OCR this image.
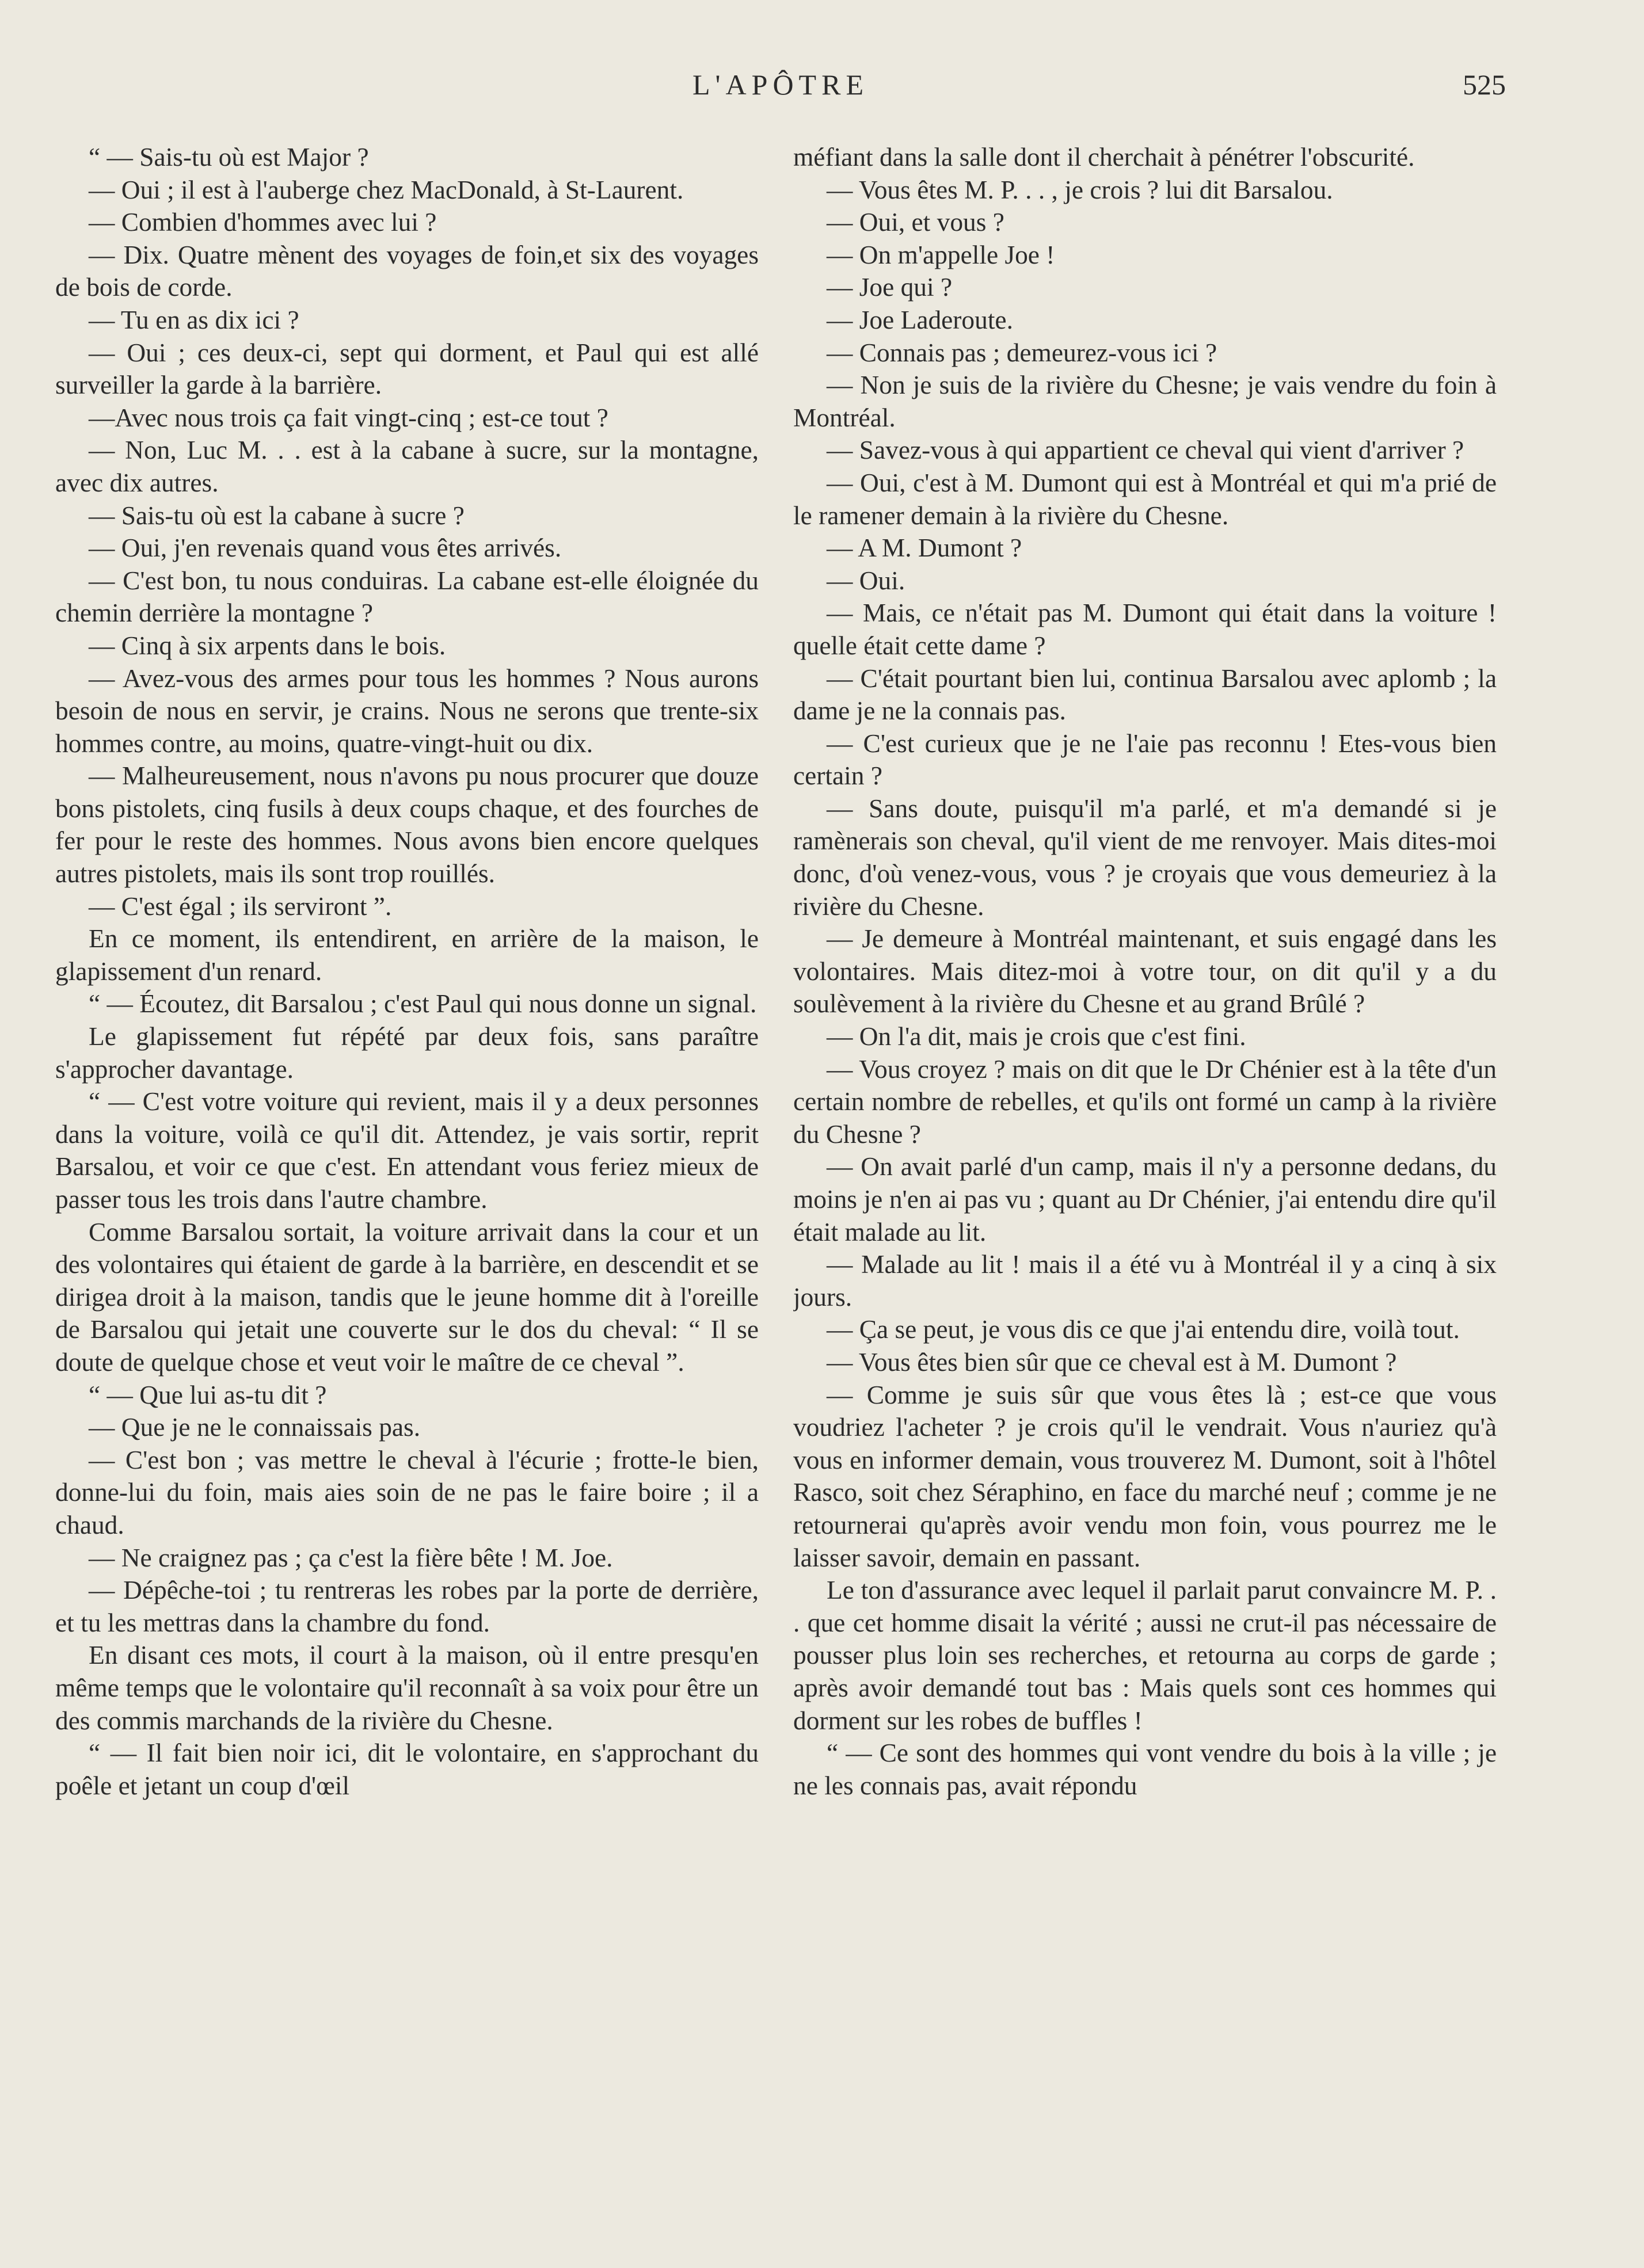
L'APÔTRE	525

“ — Sais-tu où est Major ?

— Oui ; il est à l'auberge chez MacDonald, à St-Laurent.

— Combien d'hommes avec lui ?

— Dix. Quatre mènent des voyages de foin,et six des voyages de bois de corde.

— Tu en as dix ici ?

— Oui ; ces deux-ci, sept qui dorment, et Paul qui est allé surveiller la garde à la barrière.

—Avec nous trois ça fait vingt-cinq ; est-ce tout ?

— Non, Luc M. . . est à la cabane à sucre, sur la montagne, avec dix autres.

— Sais-tu où est la cabane à sucre ?

— Oui, j'en revenais quand vous êtes arrivés.

— C'est bon, tu nous conduiras. La cabane est-elle éloignée du chemin derrière la montagne ?

— Cinq à six arpents dans le bois.

— Avez-vous des armes pour tous les hommes ? Nous aurons besoin de nous en servir, je crains. Nous ne serons que trente-six hommes contre, au moins, quatre-vingt-huit ou dix.

— Malheureusement, nous n'avons pu nous procurer que douze bons pistolets, cinq fusils à deux coups chaque, et des fourches de fer pour le reste des hommes. Nous avons bien encore quelques autres pistolets, mais ils sont trop rouillés.

— C'est égal ; ils serviront ”.

En ce moment, ils entendirent, en arrière de la maison, le glapissement d'un renard.

“ — Écoutez, dit Barsalou ; c'est Paul qui nous donne un signal.

Le glapissement fut répété par deux fois, sans paraître s'approcher davantage.

“ — C'est votre voiture qui revient, mais il y a deux personnes dans la voiture, voilà ce qu'il dit. Attendez, je vais sortir, reprit Barsalou, et voir ce que c'est. En attendant vous feriez mieux de passer tous les trois dans l'autre chambre.

Comme Barsalou sortait, la voiture arrivait dans la cour et un des volontaires qui étaient de garde à la barrière, en descendit et se dirigea droit à la maison, tandis que le jeune homme dit à l'oreille de Barsalou qui jetait une couverte sur le dos du cheval: “ Il se doute de quelque chose et veut voir le maître de ce cheval ”.

“ — Que lui as-tu dit ?

— Que je ne le connaissais pas.

— C'est bon ; vas mettre le cheval à l'écurie ; frotte-le bien, donne-lui du foin, mais aies soin de ne pas le faire boire ; il a chaud.

— Ne craignez pas ; ça c'est la fière bête ! M. Joe.

— Dépêche-toi ; tu rentreras les robes par la porte de derrière, et tu les mettras dans la chambre du fond.

En disant ces mots, il court à la maison, où il entre presqu'en même temps que le volontaire qu'il reconnaît à sa voix pour être un des commis marchands de la rivière du Chesne.

“ — Il fait bien noir ici, dit le volontaire, en s'approchant du poêle et jetant un coup d'œil

méfiant dans la salle dont il cherchait à pénétrer l'obscurité.

— Vous êtes M. P. . . , je crois ? lui dit Barsalou.

— Oui, et vous ?

— On m'appelle Joe !

— Joe qui ?

— Joe Laderoute.

— Connais pas ; demeurez-vous ici ?

— Non je suis de la rivière du Chesne; je vais vendre du foin à Montréal.

— Savez-vous à qui appartient ce cheval qui vient d'arriver ?

— Oui, c'est à M. Dumont qui est à Montréal et qui m'a prié de le ramener demain à la rivière du Chesne.

— A M. Dumont ?

— Oui.

— Mais, ce n'était pas M. Dumont qui était dans la voiture ! quelle était cette dame ?

— C'était pourtant bien lui, continua Barsalou avec aplomb ; la dame je ne la connais pas.

— C'est curieux que je ne l'aie pas reconnu ! Etes-vous bien certain ?

— Sans doute, puisqu'il m'a parlé, et m'a demandé si je ramènerais son cheval, qu'il vient de me renvoyer. Mais dites-moi donc, d'où venez-vous, vous ? je croyais que vous demeuriez à la rivière du Chesne.

— Je demeure à Montréal maintenant, et suis engagé dans les volontaires. Mais ditez-moi à votre tour, on dit qu'il y a du soulèvement à la rivière du Chesne et au grand Brûlé ?

— On l'a dit, mais je crois que c'est fini.

— Vous croyez ? mais on dit que le Dr Chénier est à la tête d'un certain nombre de rebelles, et qu'ils ont formé un camp à la rivière du Chesne ?

— On avait parlé d'un camp, mais il n'y a personne dedans, du moins je n'en ai pas vu ; quant au Dr Chénier, j'ai entendu dire qu'il était malade au lit.

— Malade au lit ! mais il a été vu à Montréal il y a cinq à six jours.

— Ça se peut, je vous dis ce que j'ai entendu dire, voilà tout.

— Vous êtes bien sûr que ce cheval est à M. Dumont ?

— Comme je suis sûr que vous êtes là ; est-ce que vous voudriez l'acheter ? je crois qu'il le vendrait. Vous n'auriez qu'à vous en informer demain, vous trouverez M. Dumont, soit à l'hôtel Rasco, soit chez Séraphino, en face du marché neuf ; comme je ne retournerai qu'après avoir vendu mon foin, vous pourrez me le laisser savoir, demain en passant.

Le ton d'assurance avec lequel il parlait parut convaincre M. P. . . que cet homme disait la vérité ; aussi ne crut-il pas nécessaire de pousser plus loin ses recherches, et retourna au corps de garde ; après avoir demandé tout bas : Mais quels sont ces hommes qui dorment sur les robes de buffles !

“ — Ce sont des hommes qui vont vendre du bois à la ville ; je ne les connais pas, avait répondu
